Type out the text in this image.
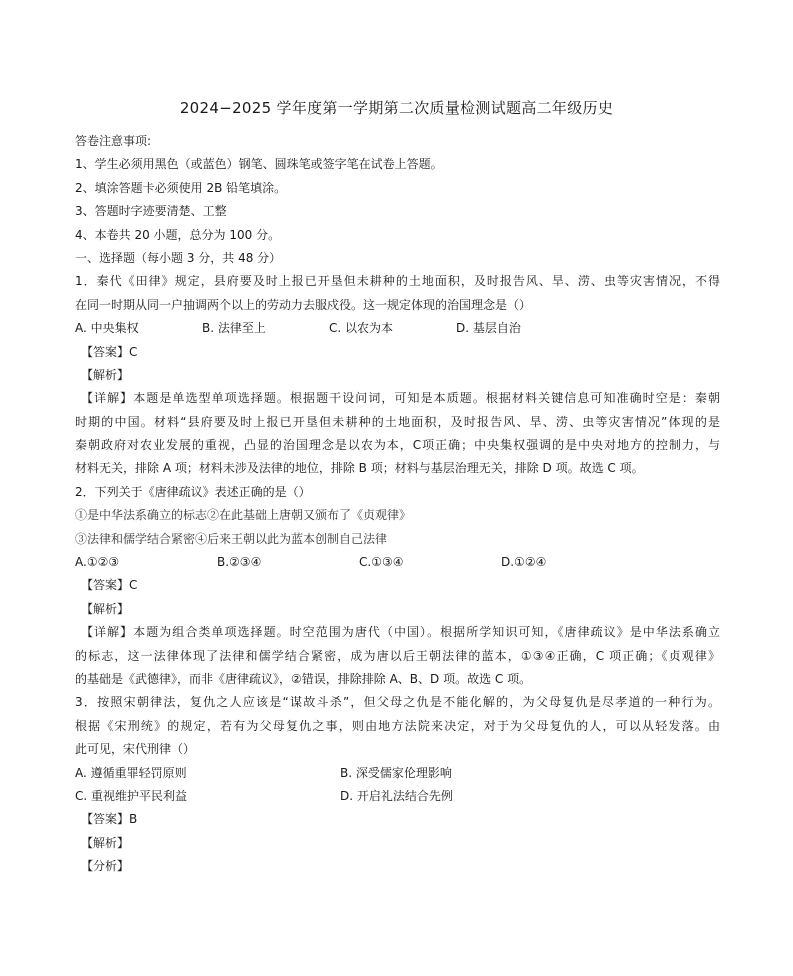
2024−2025 学年度第一学期第二次质量检测试题高二年级历史
答卷注意事项:
1、学生必须用黑色（或蓝色）钢笔、圆珠笔或签字笔在试卷上答题。
2、填涂答题卡必须使用 2B 铅笔填涂。
3、答题时字迹要清楚、工整
4、本卷共 20 小题，总分为 100 分。
一、选择题（每小题 3 分，共 48 分）
1．秦代《田律》规定，县府要及时上报已开垦但未耕种的土地面积，及时报告风、旱、涝、虫等灾害情况，不得
在同一时期从同一户抽调两个以上的劳动力去服戍役。这一规定体现的治国理念是（）
A. 中央集权	B. 法律至上	C. 以农为本	D. 基层自治
【答案】C
【解析】
【详解】本题是单选型单项选择题。根据题干设问词，可知是本质题。根据材料关键信息可知准确时空是：秦朝
时期的中国。材料“县府要及时上报已开垦但未耕种的土地面积，及时报告风、旱、涝、虫等灾害情况”体现的是
秦朝政府对农业发展的重视，凸显的治国理念是以农为本，C项正确；中央集权强调的是中央对地方的控制力，与
材料无关，排除 A 项；材料未涉及法律的地位，排除 B 项；材料与基层治理无关，排除 D 项。故选 C 项。
2．下列关于《唐律疏议》表述正确的是（）
①是中华法系确立的标志②在此基础上唐朝又颁布了《贞观律》
③法律和儒学结合紧密④后来王朝以此为蓝本创制自己法律
A.①②③	B.②③④	C.①③④	D.①②④
【答案】C
【解析】
【详解】本题为组合类单项选择题。时空范围为唐代（中国）。根据所学知识可知，《唐律疏议》是中华法系确立
的标志，这一法律体现了法律和儒学结合紧密，成为唐以后王朝法律的蓝本，①③④正确，C 项正确；《贞观律》
的基础是《武德律》，而非《唐律疏议》，②错误，排除排除 A、B、D 项。故选 C 项。
3．按照宋朝律法，复仇之人应该是“谋故斗杀”，但父母之仇是不能化解的，为父母复仇是尽孝道的一种行为。
根据《宋刑统》的规定，若有为父母复仇之事，则由地方法院来决定，对于为父母复仇的人，可以从轻发落。由
此可见，宋代刑律（）
A. 遵循重罪轻罚原则	B. 深受儒家伦理影响
C. 重视维护平民利益	D. 开启礼法结合先例
【答案】B
【解析】
【分析】
